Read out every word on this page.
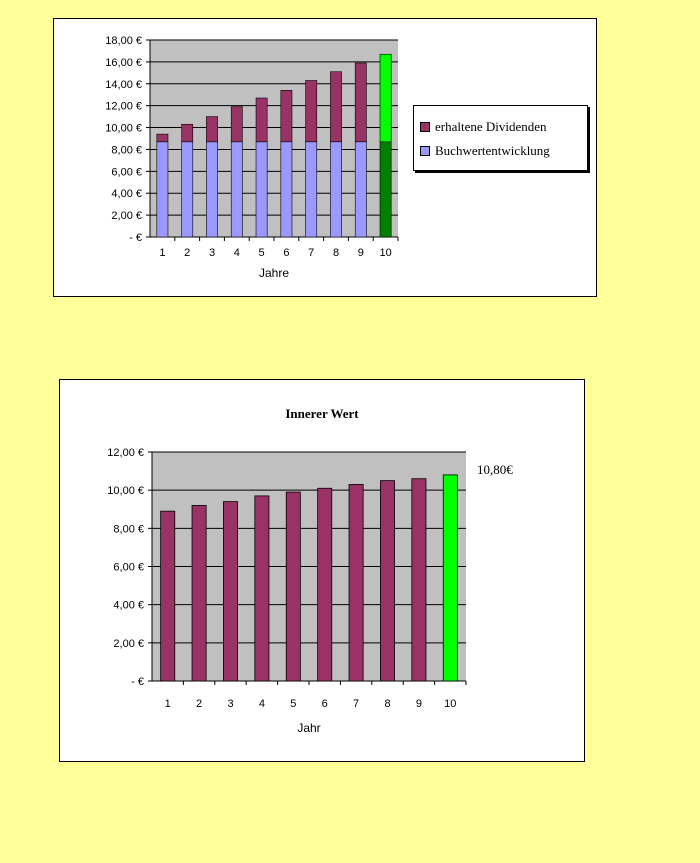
- €
2,00 €
4,00 €
6,00 €
8,00 €
10,00 €
12,00 €
14,00 €
16,00 €
18,00 €
1 2 3 4 5 6 7 8 9 10
Jahre
erhaltene Dividenden
Buchwertentwicklung
Innerer Wert
10,80€
- €
2,00 €
4,00 €
6,00 €
8,00 €
10,00 €
12,00 €
1 2 3 4 5 6 7 8 9 10
Jahr
